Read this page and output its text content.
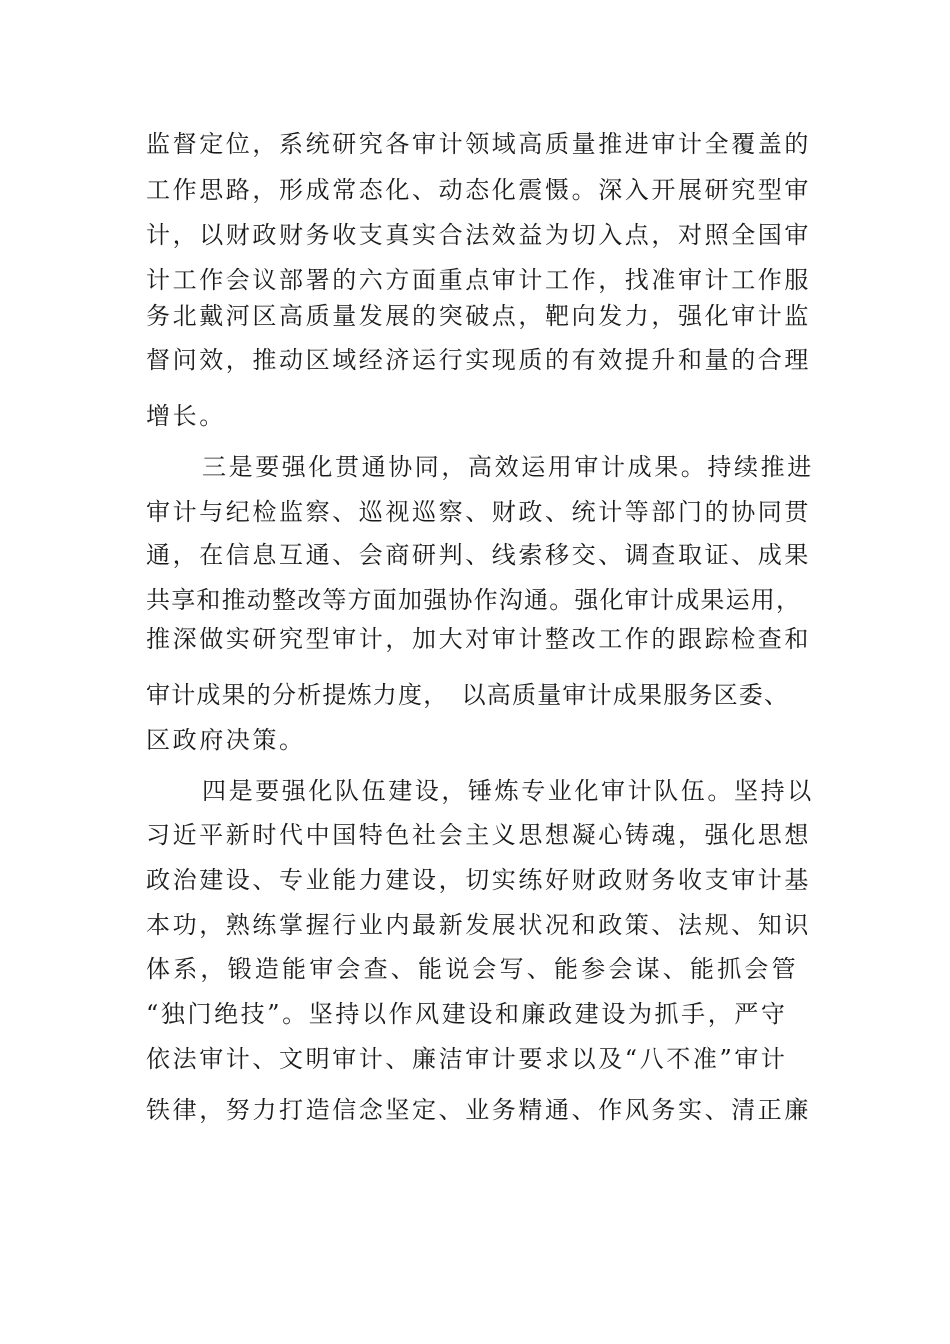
监督定位，系统研究各审计领域高质量推进审计全覆盖的
工作思路，形成常态化、动态化震慑。深入开展研究型审
计，以财政财务收支真实合法效益为切入点，对照全国审
计工作会议部署的六方面重点审计工作，找准审计工作服
务北戴河区高质量发展的突破点，靶向发力，强化审计监
督问效，推动区域经济运行实现质的有效提升和量的合理
增长。
三是要强化贯通协同，高效运用审计成果。持续推进
审计与纪检监察、巡视巡察、财政、统计等部门的协同贯
通，在信息互通、会商研判、线索移交、调查取证、成果
共享和推动整改等方面加强协作沟通。强化审计成果运用，
推深做实研究型审计，加大对审计整改工作的跟踪检查和
审计成果的分析提炼力度，　以高质量审计成果服务区委、
区政府决策。
四是要强化队伍建设，锤炼专业化审计队伍。坚持以
习近平新时代中国特色社会主义思想凝心铸魂，强化思想
政治建设、专业能力建设，切实练好财政财务收支审计基
本功，熟练掌握行业内最新发展状况和政策、法规、知识
体系，锻造能审会查、能说会写、能参会谋、能抓会管
“独门绝技”。坚持以作风建设和廉政建设为抓手，严守
依法审计、文明审计、廉洁审计要求以及“八不准”审计
铁律，努力打造信念坚定、业务精通、作风务实、清正廉
